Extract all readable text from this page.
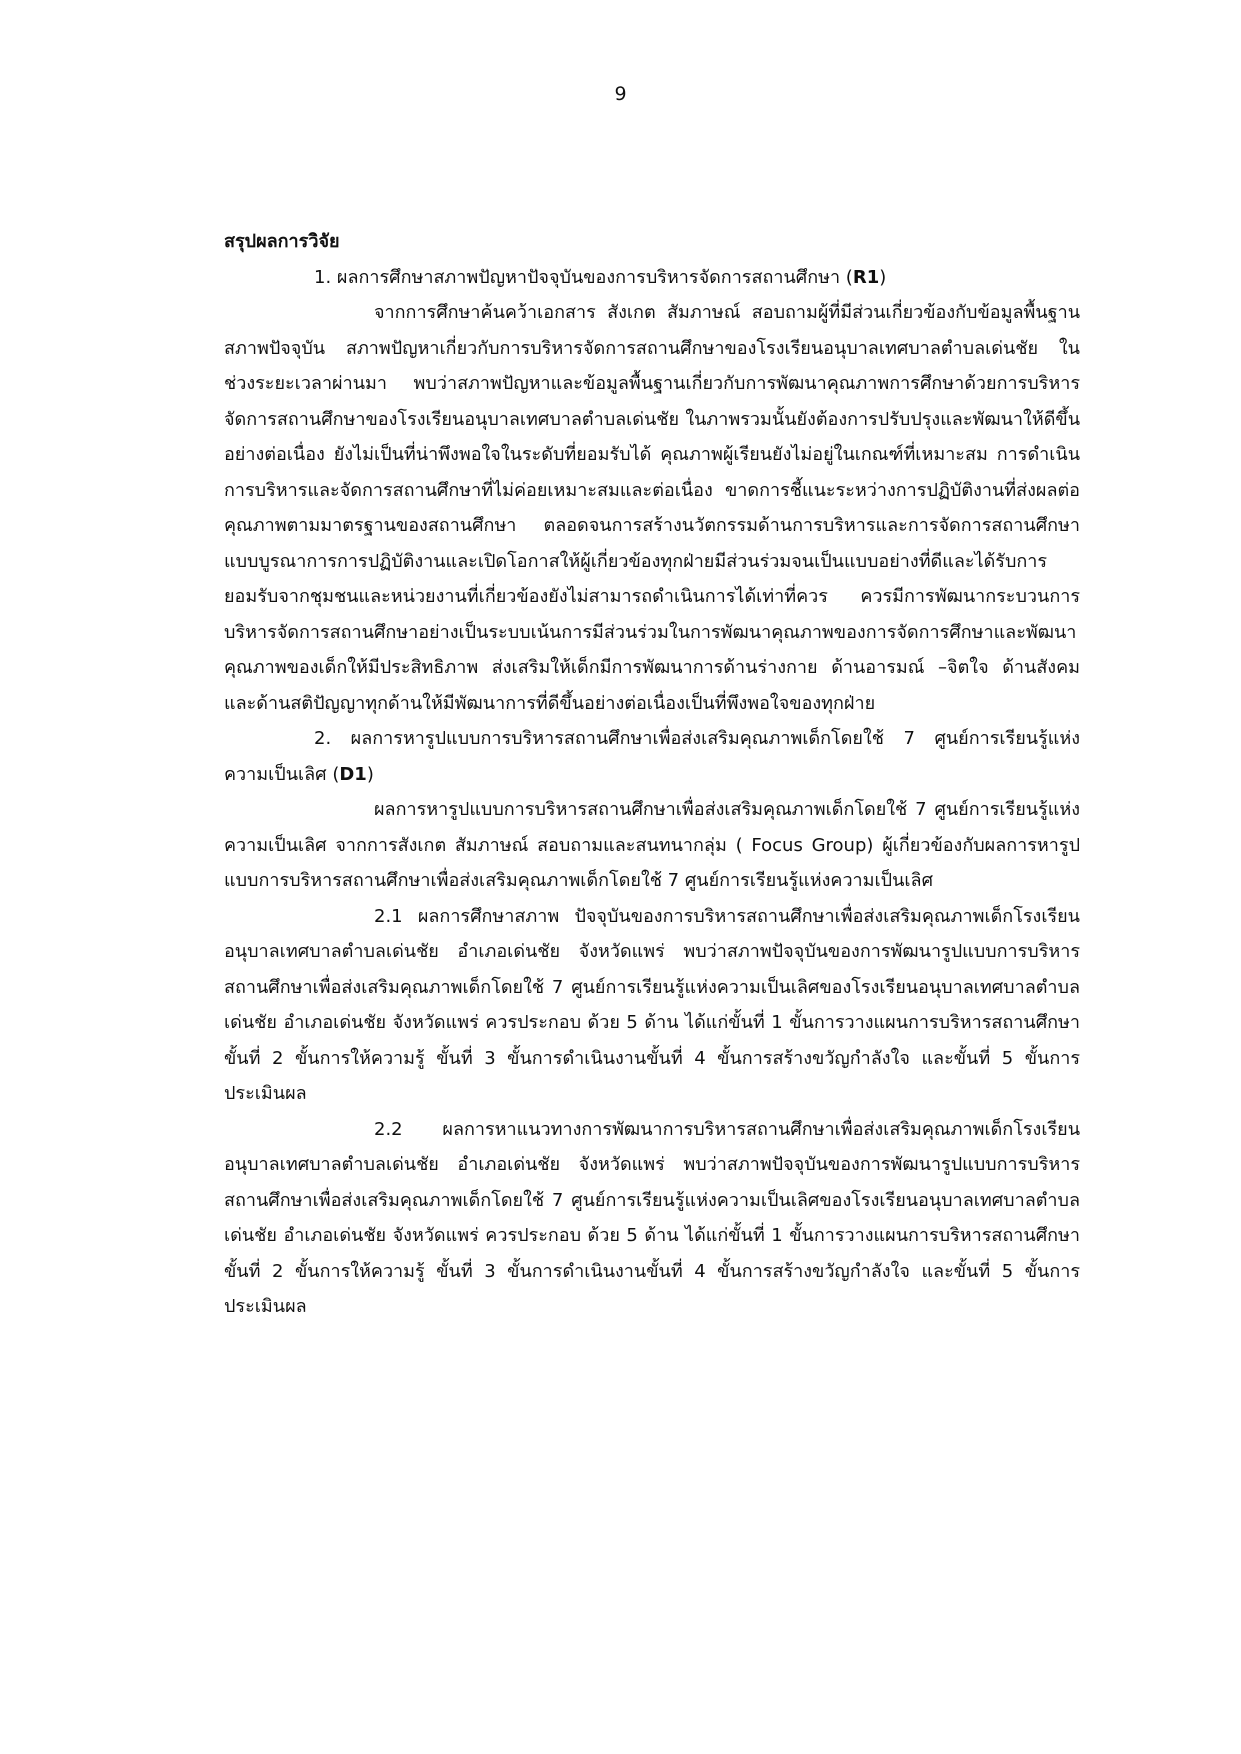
9

สรุปผลการวิจัย

1. ผลการศึกษาสภาพปัญหาปัจจุบันของการบริหารจัดการสถานศึกษา (R1)

จากการศึกษาค้นคว้าเอกสาร สังเกต สัมภาษณ์ สอบถามผู้ที่มีส่วนเกี่ยวข้องกับข้อมูลพื้นฐาน สภาพปัจจุบัน สภาพปัญหาเกี่ยวกับการบริหารจัดการสถานศึกษาของโรงเรียนอนุบาลเทศบาลตำบลเด่นชัย ในช่วงระยะเวลาผ่านมา พบว่าสภาพปัญหาและข้อมูลพื้นฐานเกี่ยวกับการพัฒนาคุณภาพการศึกษาด้วยการบริหารจัดการสถานศึกษาของโรงเรียนอนุบาลเทศบาลตำบลเด่นชัย ในภาพรวมนั้นยังต้องการปรับปรุงและพัฒนาให้ดีขึ้นอย่างต่อเนื่อง ยังไม่เป็นที่น่าพึงพอใจในระดับที่ยอมรับได้ คุณภาพผู้เรียนยังไม่อยู่ในเกณฑ์ที่เหมาะสม การดำเนินการบริหารและจัดการสถานศึกษาที่ไม่ค่อยเหมาะสมและต่อเนื่อง ขาดการชี้แนะระหว่างการปฏิบัติงานที่ส่งผลต่อคุณภาพตามมาตรฐานของสถานศึกษา ตลอดจนการสร้างนวัตกรรมด้านการบริหารและการจัดการสถานศึกษาแบบบูรณาการการปฏิบัติงานและเปิดโอกาสให้ผู้เกี่ยวข้องทุกฝ่ายมีส่วนร่วมจนเป็นแบบอย่างที่ดีและได้รับการยอมรับจากชุมชนและหน่วยงานที่เกี่ยวข้องยังไม่สามารถดำเนินการได้เท่าที่ควร ควรมีการพัฒนากระบวนการบริหารจัดการสถานศึกษาอย่างเป็นระบบเน้นการมีส่วนร่วมในการพัฒนาคุณภาพของการจัดการศึกษาและพัฒนาคุณภาพของเด็กให้มีประสิทธิภาพ ส่งเสริมให้เด็กมีการพัฒนาการด้านร่างกาย ด้านอารมณ์ –จิตใจ ด้านสังคมและด้านสติปัญญาทุกด้านให้มีพัฒนาการที่ดีขึ้นอย่างต่อเนื่องเป็นที่พึงพอใจของทุกฝ่าย

2. ผลการหารูปแบบการบริหารสถานศึกษาเพื่อส่งเสริมคุณภาพเด็กโดยใช้ 7 ศูนย์การเรียนรู้แห่งความเป็นเลิศ (D1)

ผลการหารูปแบบการบริหารสถานศึกษาเพื่อส่งเสริมคุณภาพเด็กโดยใช้ 7 ศูนย์การเรียนรู้แห่งความเป็นเลิศ จากการสังเกต สัมภาษณ์ สอบถามและสนทนากลุ่ม ( Focus Group) ผู้เกี่ยวข้องกับผลการหารูปแบบการบริหารสถานศึกษาเพื่อส่งเสริมคุณภาพเด็กโดยใช้ 7 ศูนย์การเรียนรู้แห่งความเป็นเลิศ

2.1 ผลการศึกษาสภาพ ปัจจุบันของการบริหารสถานศึกษาเพื่อส่งเสริมคุณภาพเด็กโรงเรียนอนุบาลเทศบาลตำบลเด่นชัย อำเภอเด่นชัย จังหวัดแพร่ พบว่าสภาพปัจจุบันของการพัฒนารูปแบบการบริหารสถานศึกษาเพื่อส่งเสริมคุณภาพเด็กโดยใช้ 7 ศูนย์การเรียนรู้แห่งความเป็นเลิศของโรงเรียนอนุบาลเทศบาลตำบลเด่นชัย อำเภอเด่นชัย จังหวัดแพร่ ควรประกอบ ด้วย 5 ด้าน ได้แก่ขั้นที่ 1 ขั้นการวางแผนการบริหารสถานศึกษา ขั้นที่ 2 ขั้นการให้ความรู้ ขั้นที่ 3 ขั้นการดำเนินงานขั้นที่ 4 ขั้นการสร้างขวัญกำลังใจ และขั้นที่ 5 ขั้นการประเมินผล

2.2 ผลการหาแนวทางการพัฒนาการบริหารสถานศึกษาเพื่อส่งเสริมคุณภาพเด็กโรงเรียนอนุบาลเทศบาลตำบลเด่นชัย อำเภอเด่นชัย จังหวัดแพร่ พบว่าสภาพปัจจุบันของการพัฒนารูปแบบการบริหารสถานศึกษาเพื่อส่งเสริมคุณภาพเด็กโดยใช้ 7 ศูนย์การเรียนรู้แห่งความเป็นเลิศของโรงเรียนอนุบาลเทศบาลตำบลเด่นชัย อำเภอเด่นชัย จังหวัดแพร่ ควรประกอบ ด้วย 5 ด้าน ได้แก่ขั้นที่ 1 ขั้นการวางแผนการบริหารสถานศึกษา ขั้นที่ 2 ขั้นการให้ความรู้ ขั้นที่ 3 ขั้นการดำเนินงานขั้นที่ 4 ขั้นการสร้างขวัญกำลังใจ และขั้นที่ 5 ขั้นการประเมินผล
